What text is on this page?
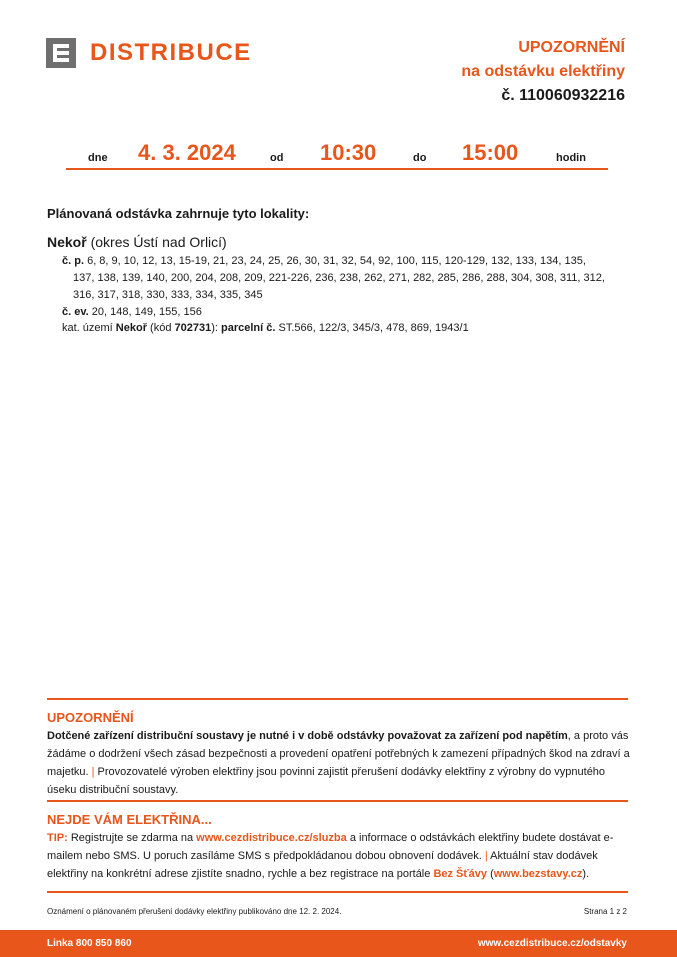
DISTRIBUCE	UPOZORNĚNÍ
na odstávku elektřiny
č. 110060932216
dne 4. 3. 2024	od 10:30	do 15:00	hodin
Plánovaná odstávka zahrnuje tyto lokality:
Nekoř (okres Ústí nad Orlicí)
č. p. 6, 8, 9, 10, 12, 13, 15-19, 21, 23, 24, 25, 26, 30, 31, 32, 54, 92, 100, 115, 120-129, 132, 133, 134, 135,
137, 138, 139, 140, 200, 204, 208, 209, 221-226, 236, 238, 262, 271, 282, 285, 286, 288, 304, 308, 311, 312,
316, 317, 318, 330, 333, 334, 335, 345
č. ev. 20, 148, 149, 155, 156
kat. území Nekoř (kód 702731): parcelní č. ST.566, 122/3, 345/3, 478, 869, 1943/1
UPOZORNĚNÍ
Dotčené zařízení distribuční soustavy je nutné i v době odstávky považovat za zařízení pod napětím, a proto vás žádáme o dodržení všech zásad bezpečnosti a provedení opatření potřebných k zamezení případných škod na zdraví a majetku. | Provozovatelé výroben elektřiny jsou povinni zajistit přerušení dodávky elektřiny z výrobny do vypnutého úseku distribuční soustavy.
NEJDE VÁM ELEKTŘINA...
TIP: Registrujte se zdarma na www.cezdistribuce.cz/sluzba a informace o odstávkách elektřiny budete dostávat e-mailem nebo SMS. U poruch zasíláme SMS s předpokládanou dobou obnovení dodávek. | Aktuální stav dodávek elektřiny na konkrétní adrese zjistíte snadno, rychle a bez registrace na portále Bez Šťávy (www.bezstavy.cz).
Oznámení o plánovaném přerušení dodávky elektřiny publikováno dne 12. 2. 2024.	Strana 1 z 2
Linka 800 850 860	www.cezdistribuce.cz/odstavky
